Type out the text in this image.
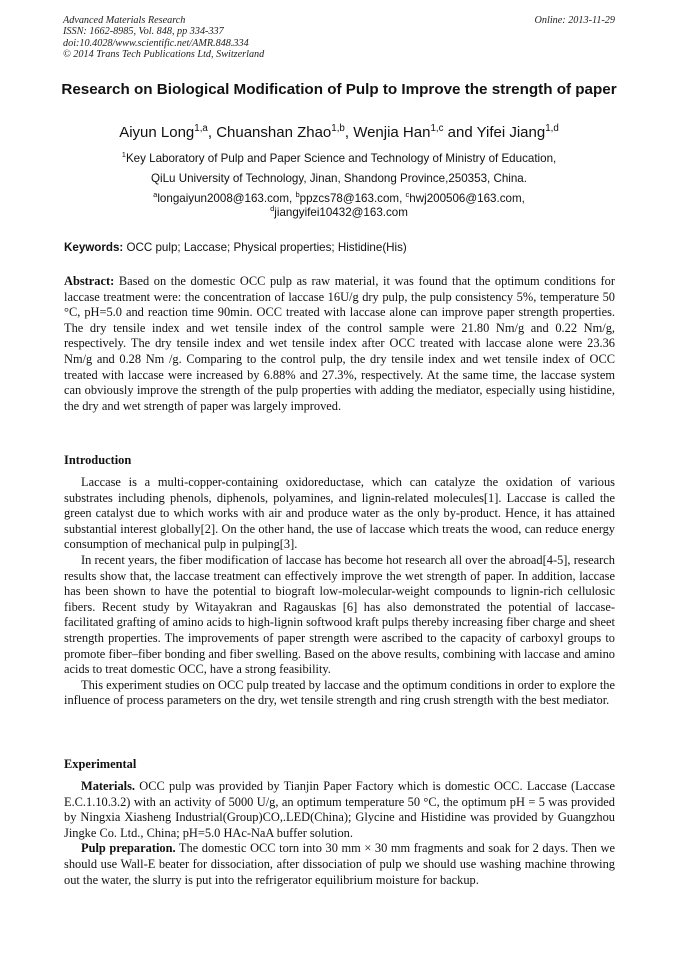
Advanced Materials Research
ISSN: 1662-8985, Vol. 848, pp 334-337
doi:10.4028/www.scientific.net/AMR.848.334
© 2014 Trans Tech Publications Ltd, Switzerland
Online: 2013-11-29
Research on Biological Modification of Pulp to Improve the strength of paper
Aiyun Long$^{1,a}$, Chuanshan Zhao$^{1,b}$, Wenjia Han$^{1,c}$ and Yifei Jiang$^{1,d}$
$^1$Key Laboratory of Pulp and Paper Science and Technology of Ministry of Education,
QiLu University of Technology, Jinan, Shandong Province,250353, China.
$^a$longaiyun2008@163.com, $^b$ppzcs78@163.com, $^c$hwj200506@163.com,
$^d$jiangyifei10432@163.com
Keywords: OCC pulp; Laccase; Physical properties; Histidine(His)

Abstract: Based on the domestic OCC pulp as raw material, it was found that the optimum conditions for laccase treatment were: the concentration of laccase 16U/g dry pulp, the pulp consistency 5%, temperature 50 °C, pH=5.0 and reaction time 90min. OCC treated with laccase alone can improve paper strength properties. The dry tensile index and wet tensile index of the control sample were 21.80 Nm/g and 0.22 Nm/g, respectively. The dry tensile index and wet tensile index after OCC treated with laccase alone were 23.36 Nm/g and 0.28 Nm /g. Comparing to the control pulp, the dry tensile index and wet tensile index of OCC treated with laccase were increased by 6.88% and 27.3%, respectively. At the same time, the laccase system can obviously improve the strength of the pulp properties with adding the mediator, especially using histidine, the dry and wet strength of paper was largely improved.

Introduction

Laccase is a multi-copper-containing oxidoreductase, which can catalyze the oxidation of various substrates including phenols, diphenols, polyamines, and lignin-related molecules[1]. Laccase is called the green catalyst due to which works with air and produce water as the only by-product. Hence, it has attained substantial interest globally[2]. On the other hand, the use of laccase which treats the wood, can reduce energy consumption of mechanical pulp in pulping[3].

In recent years, the fiber modification of laccase has become hot research all over the abroad[4-5], research results show that, the laccase treatment can effectively improve the wet strength of paper. In addition, laccase has been shown to have the potential to biograft low-molecular-weight compounds to lignin-rich cellulosic fibers. Recent study by Witayakran and Ragauskas [6] has also demonstrated the potential of laccase-facilitated grafting of amino acids to high-lignin softwood kraft pulps thereby increasing fiber charge and sheet strength properties. The improvements of paper strength were ascribed to the capacity of carboxyl groups to promote fiber–fiber bonding and fiber swelling. Based on the above results, combining with laccase and amino acids to treat domestic OCC, have a strong feasibility.

This experiment studies on OCC pulp treated by laccase and the optimum conditions in order to explore the influence of process parameters on the dry, wet tensile strength and ring crush strength with the best mediator.

Experimental

Materials. OCC pulp was provided by Tianjin Paper Factory which is domestic OCC. Laccase (Laccase E.C.1.10.3.2) with an activity of 5000 U/g, an optimum temperature 50 °C, the optimum pH = 5 was provided by Ningxia Xiasheng Industrial(Group)CO,.LED(China); Glycine and Histidine was provided by Guangzhou Jingke Co. Ltd., China; pH=5.0 HAc-NaA buffer solution.

Pulp preparation. The domestic OCC torn into 30 mm × 30 mm fragments and soak for 2 days. Then we should use Wall-E beater for dissociation, after dissociation of pulp we should use washing machine throwing out the water, the slurry is put into the refrigerator equilibrium moisture for backup.
